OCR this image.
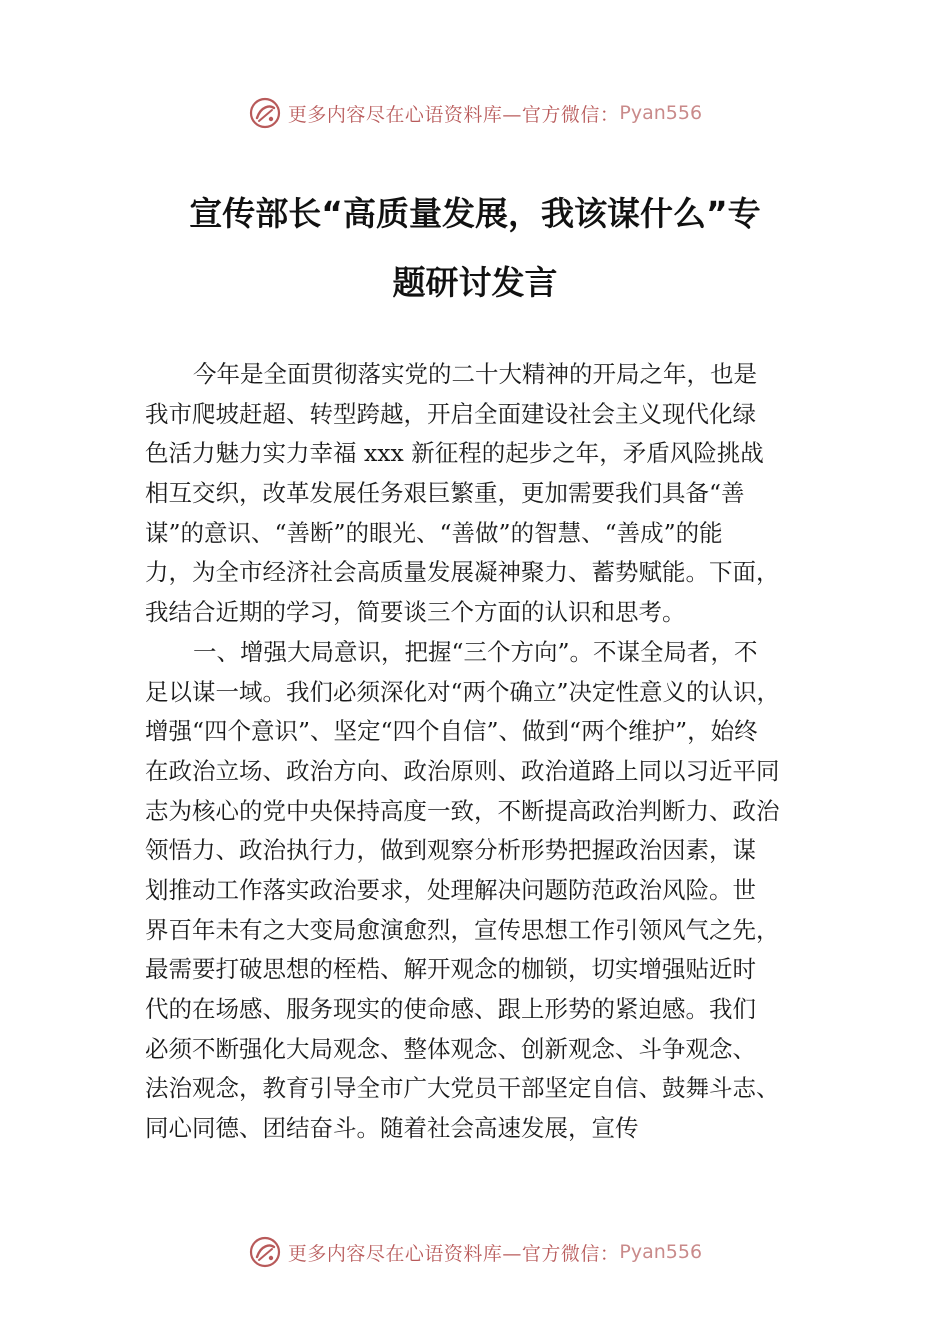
更多内容尽在心语资料库—官方微信： Pyan556
宣传部长“高质量发展，我该谋什么”专
题研讨发言
今年是全面贯彻落实党的二十大精神的开局之年，也是
我市爬坡赶超、转型跨越，开启全面建设社会主义现代化绿
色活力魅力实力幸福 xxx 新征程的起步之年，矛盾风险挑战
相互交织，改革发展任务艰巨繁重，更加需要我们具备“善
谋”的意识、“善断”的眼光、“善做”的智慧、“善成”的能
力，为全市经济社会高质量发展凝神聚力、蓄势赋能。下面，
我结合近期的学习，简要谈三个方面的认识和思考。
一、增强大局意识，把握“三个方向”。不谋全局者，不
足以谋一域。我们必须深化对“两个确立”决定性意义的认识，
增强“四个意识”、坚定“四个自信”、做到“两个维护”，始终
在政治立场、政治方向、政治原则、政治道路上同以习近平同
志为核心的党中央保持高度一致，不断提高政治判断力、政治
领悟力、政治执行力，做到观察分析形势把握政治因素，谋
划推动工作落实政治要求，处理解决问题防范政治风险。世
界百年未有之大变局愈演愈烈，宣传思想工作引领风气之先，
最需要打破思想的桎梏、解开观念的枷锁，切实增强贴近时
代的在场感、服务现实的使命感、跟上形势的紧迫感。我们
必须不断强化大局观念、整体观念、创新观念、斗争观念、
法治观念，教育引导全市广大党员干部坚定自信、鼓舞斗志、
同心同德、团结奋斗。随着社会高速发展，宣传
更多内容尽在心语资料库—官方微信： Pyan556
